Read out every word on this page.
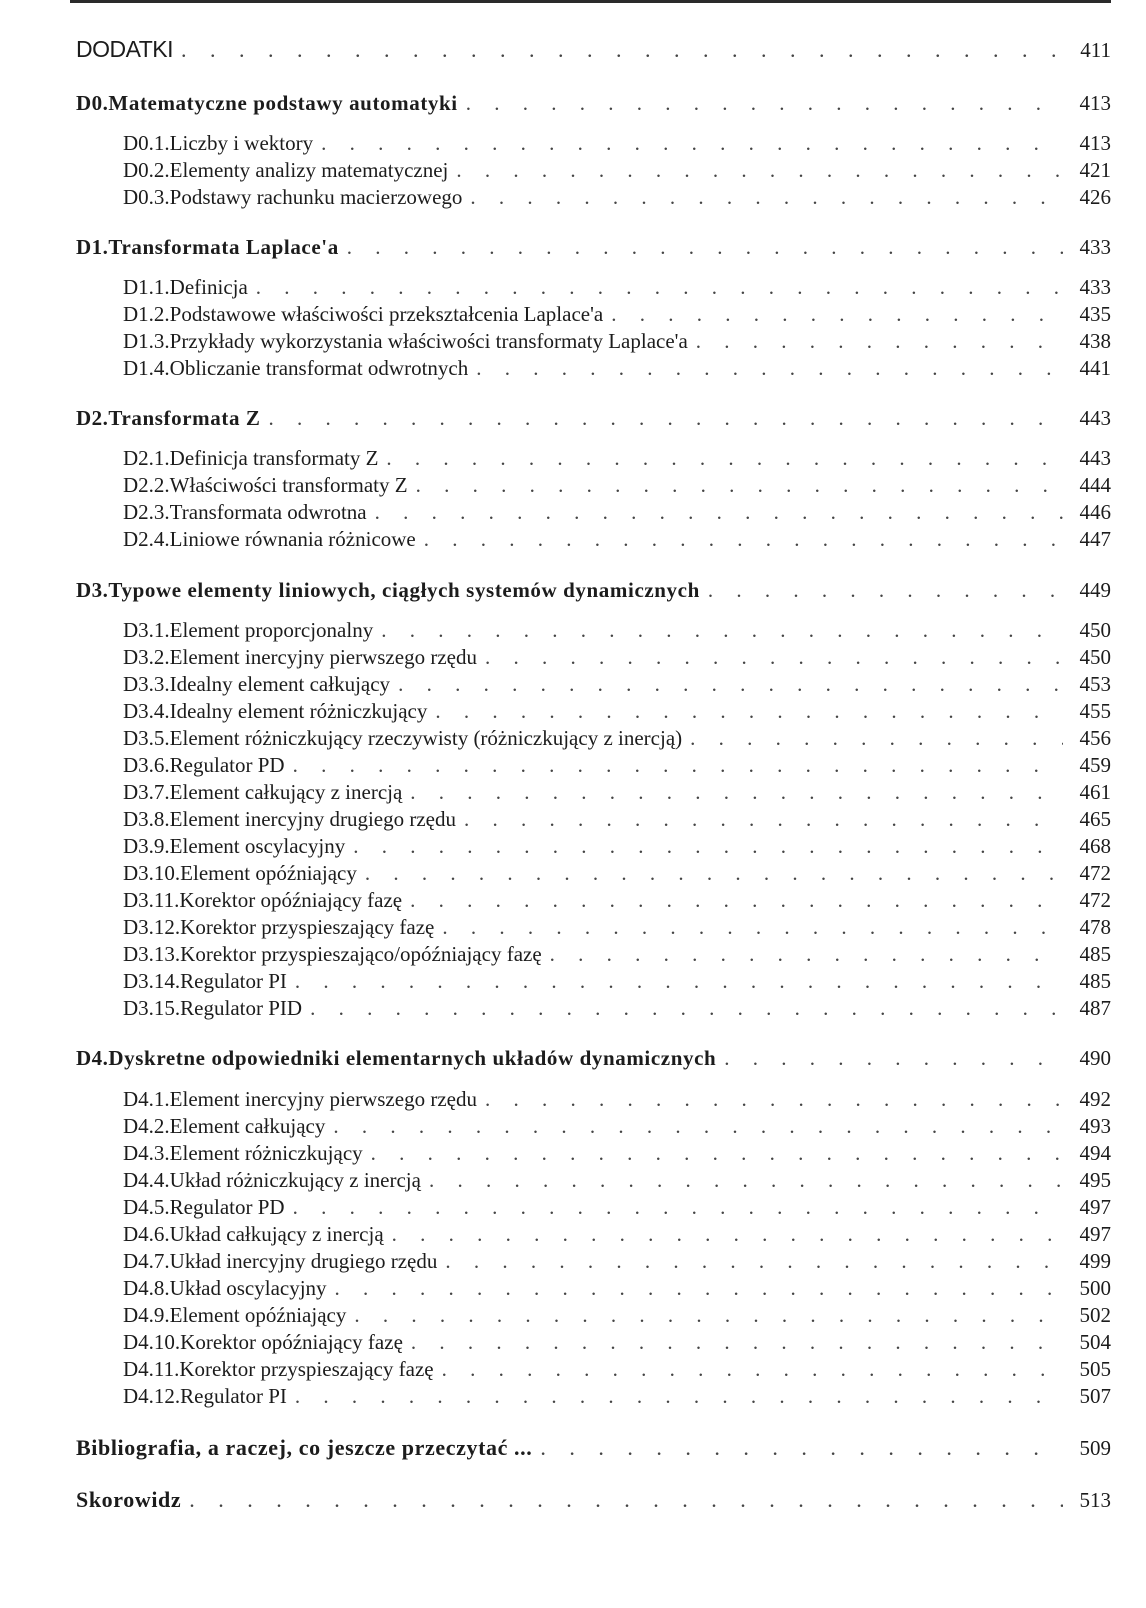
DODATKI . . .	411
D0. Matematyczne podstawy automatyki . . .	413
D0.1. Liczby i wektory . . .	413
D0.2. Elementy analizy matematycznej . . .	421
D0.3. Podstawy rachunku macierzowego . . .	426
D1. Transformata Laplace'a . . .	433
D1.1. Definicja . . .	433
D1.2. Podstawowe właściwości przekształcenia Laplace'a . . .	435
D1.3. Przykłady wykorzystania właściwości transformaty Laplace'a . . .	438
D1.4. Obliczanie transformat odwrotnych . . .	441
D2. Transformata Z . . .	443
D2.1. Definicja transformaty Z . . .	443
D2.2. Właściwości transformaty Z . . .	444
D2.3. Transformata odwrotna . . .	446
D2.4. Liniowe równania różnicowe . . .	447
D3. Typowe elementy liniowych, ciągłych systemów dynamicznych . . .	449
D3.1. Element proporcjonalny . . .	450
D3.2. Element inercyjny pierwszego rzędu . . .	450
D3.3. Idealny element całkujący . . .	453
D3.4. Idealny element różniczkujący . . .	455
D3.5. Element różniczkujący rzeczywisty (różniczkujący z inercją) . . .	456
D3.6. Regulator PD . . .	459
D3.7. Element całkujący z inercją . . .	461
D3.8. Element inercyjny drugiego rzędu . . .	465
D3.9. Element oscylacyjny . . .	468
D3.10. Element opóźniający . . .	472
D3.11. Korektor opóźniający fazę . . .	472
D3.12. Korektor przyspieszający fazę . . .	478
D3.13. Korektor przyspieszająco/opóźniający fazę . . .	485
D3.14. Regulator PI . . .	485
D3.15. Regulator PID . . .	487
D4. Dyskretne odpowiedniki elementarnych układów dynamicznych . . .	490
D4.1. Element inercyjny pierwszego rzędu . . .	492
D4.2. Element całkujący . . .	493
D4.3. Element różniczkujący . . .	494
D4.4. Układ różniczkujący z inercją . . .	495
D4.5. Regulator PD . . .	497
D4.6. Układ całkujący z inercją . . .	497
D4.7. Układ inercyjny drugiego rzędu . . .	499
D4.8. Układ oscylacyjny . . .	500
D4.9. Element opóźniający . . .	502
D4.10. Korektor opóźniający fazę . . .	504
D4.11. Korektor przyspieszający fazę . . .	505
D4.12. Regulator PI . . .	507
Bibliografia, a raczej, co jeszcze przeczytać ... . . .	509
Skorowidz . . .	513
